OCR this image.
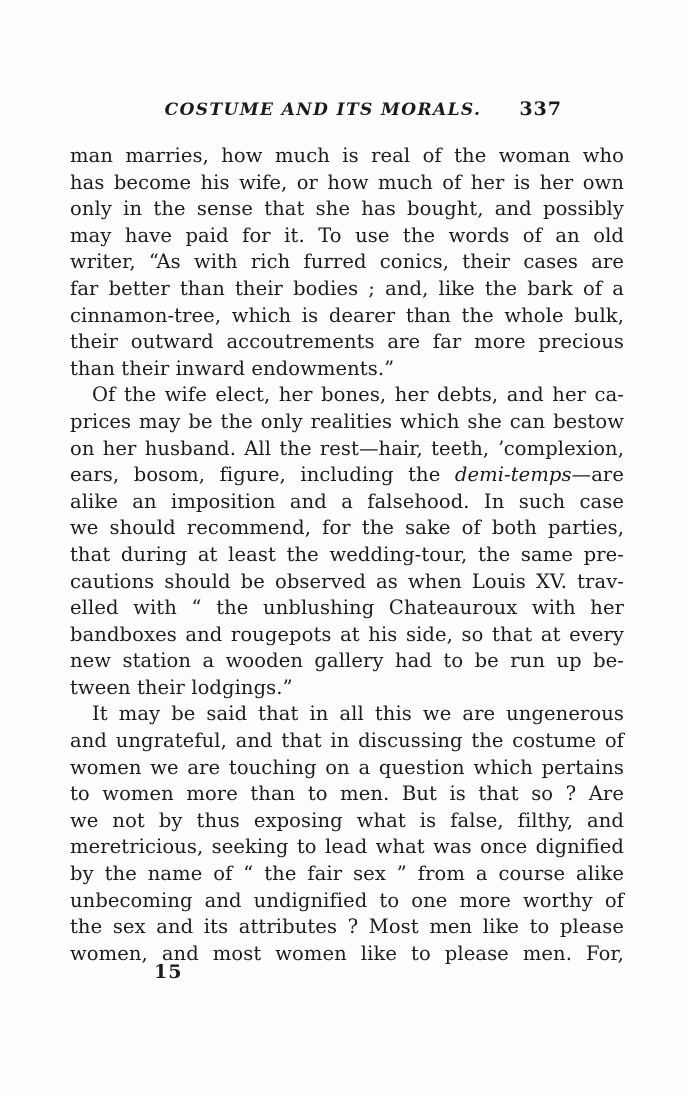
COSTUME AND ITS MORALS.	337
man marries, how much is real of the woman who
has become his wife, or how much of her is her own
only in the sense that she has bought, and possibly
may have paid for it. To use the words of an old
writer, “As with rich furred conics, their cases are
far better than their bodies ; and, like the bark of a
cinnamon-tree, which is dearer than the whole bulk,
their outward accoutrements are far more precious
than their inward endowments.”
Of the wife elect, her bones, her debts, and her ca-
prices may be the only realities which she can bestow
on her husband. All the rest—hair, teeth, ʼcomplexion,
ears, bosom, figure, including the demi-temps—are
alike an imposition and a falsehood. In such case
we should recommend, for the sake of both parties,
that during at least the wedding-tour, the same pre-
cautions should be observed as when Louis XV. trav-
elled with “ the unblushing Chateauroux with her
bandboxes and rougepots at his side, so that at every
new station a wooden gallery had to be run up be-
tween their lodgings.”
It may be said that in all this we are ungenerous
and ungrateful, and that in discussing the costume of
women we are touching on a question which pertains
to women more than to men. But is that so ? Are
we not by thus exposing what is false, filthy, and
meretricious, seeking to lead what was once dignified
by the name of “ the fair sex ” from a course alike
unbecoming and undignified to one more worthy of
the sex and its attributes ? Most men like to please
women, and most women like to please men. For,
15
